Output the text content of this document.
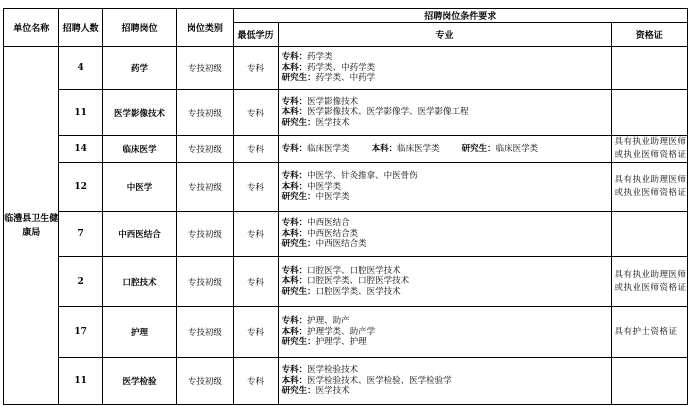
单位名称	招聘人数	招聘岗位	岗位类别	招聘岗位条件要求		
				最低学历	专业	资格证
临澧县卫生健康局	4	药学	专技初级	专科	专科：药学类
本科：药学类、中药学类
研究生：药学类、中药学	

	11	医学影像技术	专技初级	专科	专科：医学影像技术
本科：医学影像技术、医学影像学、医学影像工程
研究生：医学技术	

	14	临床医学	专技初级	专科	专科：临床医学类 本科：临床医学类 研究生：临床医学类	具有执业助理医师或执业医师资格证
	12	中医学	专技初级	专科	专科：中医学、针灸推拿、中医骨伤
本科：中医学类
研究生：中医学类	具有执业助理医师或执业医师资格证
	7	中西医结合	专技初级	专科	专科：中西医结合
本科：中西医结合类
研究生：中西医结合类	

	2	口腔技术	专技初级	专科	专科：口腔医学、口腔医学技术
本科：口腔医学类、口腔医学技术
研究生：口腔医学类、医学技术	具有执业助理医师或执业医师资格证
	17	护理	专技初级	专科	专科：护理、助产
本科：护理学类、助产学
研究生：护理学、护理	具有护士资格证
	11	医学检验	专技初级	专科	专科：医学检验技术
本科：医学检验技术、医学检验、医学检验学
研究生：医学技术	
